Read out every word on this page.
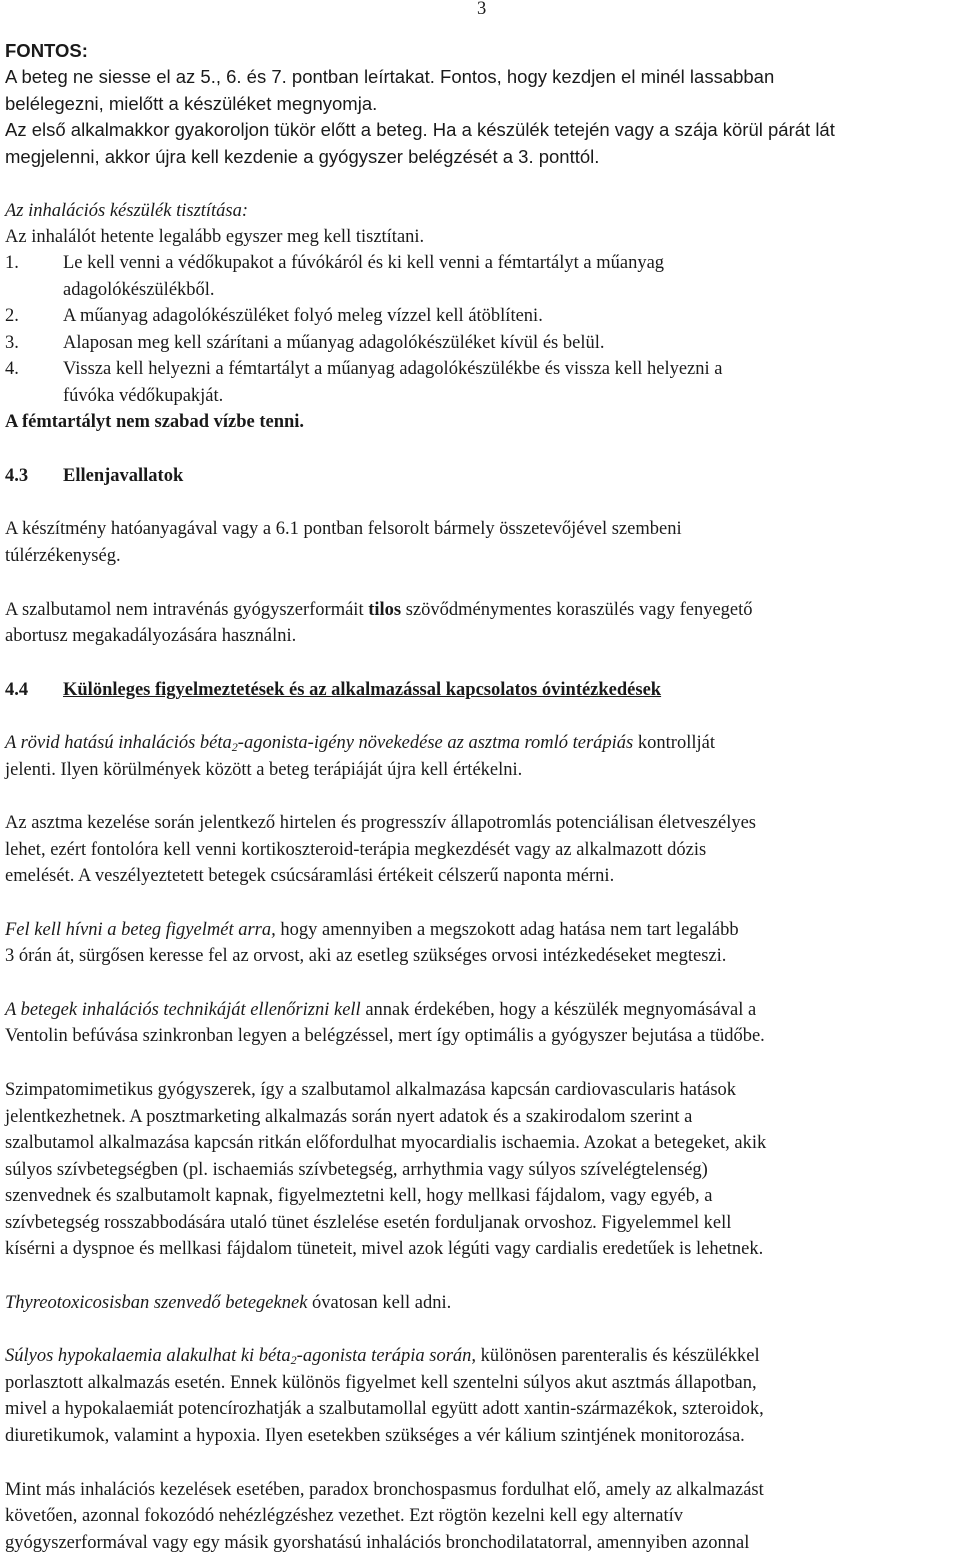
3
FONTOS:
A beteg ne siesse el az 5., 6. és 7. pontban leírtakat. Fontos, hogy kezdjen el minél lassabban
belélegezni, mielőtt a készüléket megnyomja.
Az első alkalmakkor gyakoroljon tükör előtt a beteg. Ha a készülék tetején vagy a szája körül párát lát
megjelenni, akkor újra kell kezdenie a gyógyszer belégzését a 3. ponttól.
Az inhalációs készülék tisztítása:
Az inhalálót hetente legalább egyszer meg kell tisztítani.
1. Le kell venni a védőkupakot a fúvókáról és ki kell venni a fémtartályt a műanyag
adagolókészülékből.
2. A műanyag adagolókészüléket folyó meleg vízzel kell átöblíteni.
3. Alaposan meg kell szárítani a műanyag adagolókészüléket kívül és belül.
4. Vissza kell helyezni a fémtartályt a műanyag adagolókészülékbe és vissza kell helyezni a
fúvóka védőkupakját.
A fémtartályt nem szabad vízbe tenni.
4.3 Ellenjavallatok
A készítmény hatóanyagával vagy a 6.1 pontban felsorolt bármely összetevőjével szembeni
túlérzékenység.
A szalbutamol nem intravénás gyógyszerformáit tilos szövődménymentes koraszülés vagy fenyegető
abortusz megakadályozására használni.
4.4 Különleges figyelmeztetések és az alkalmazással kapcsolatos óvintézkedések
A rövid hatású inhalációs béta$_2$-agonista-igény növekedése az asztma romló terápiás kontrollját
jelenti. Ilyen körülmények között a beteg terápiáját újra kell értékelni.
Az asztma kezelése során jelentkező hirtelen és progresszív állapotromlás potenciálisan életveszélyes
lehet, ezért fontolóra kell venni kortikoszteroid-terápia megkezdését vagy az alkalmazott dózis
emelését. A veszélyeztetett betegek csúcsáramlási értékeit célszerű naponta mérni.
Fel kell hívni a beteg figyelmét arra, hogy amennyiben a megszokott adag hatása nem tart legalább
3 órán át, sürgősen keresse fel az orvost, aki az esetleg szükséges orvosi intézkedéseket megteszi.
A betegek inhalációs technikáját ellenőrizni kell annak érdekében, hogy a készülék megnyomásával a
Ventolin befúvása szinkronban legyen a belégzéssel, mert így optimális a gyógyszer bejutása a tüdőbe.
Szimpatomimetikus gyógyszerek, így a szalbutamol alkalmazása kapcsán cardiovascularis hatások
jelentkezhetnek. A posztmarketing alkalmazás során nyert adatok és a szakirodalom szerint a
szalbutamol alkalmazása kapcsán ritkán előfordulhat myocardialis ischaemia. Azokat a betegeket, akik
súlyos szívbetegségben (pl. ischaemiás szívbetegség, arrhythmia vagy súlyos szívelégtelenség)
szenvednek és szalbutamolt kapnak, figyelmeztetni kell, hogy mellkasi fájdalom, vagy egyéb, a
szívbetegség rosszabbodására utaló tünet észlelése esetén forduljanak orvoshoz. Figyelemmel kell
kísérni a dyspnoe és mellkasi fájdalom tüneteit, mivel azok légúti vagy cardialis eredetűek is lehetnek.
Thyreotoxicosisban szenvedő betegeknek óvatosan kell adni.
Súlyos hypokalaemia alakulhat ki béta$_2$-agonista terápia során, különösen parenteralis és készülékkel
porlasztott alkalmazás esetén. Ennek különös figyelmet kell szentelni súlyos akut asztmás állapotban,
mivel a hypokalaemiát potencírozhatják a szalbutamollal együtt adott xantin-származékok, szteroidok,
diuretikumok, valamint a hypoxia. Ilyen esetekben szükséges a vér kálium szintjének monitorozása.
Mint más inhalációs kezelések esetében, paradox bronchospasmus fordulhat elő, amely az alkalmazást
követően, azonnal fokozódó nehézlégzéshez vezethet. Ezt rögtön kezelni kell egy alternatív
gyógyszerformával vagy egy másik gyorshatású inhalációs bronchodilatatorral, amennyiben azonnal
